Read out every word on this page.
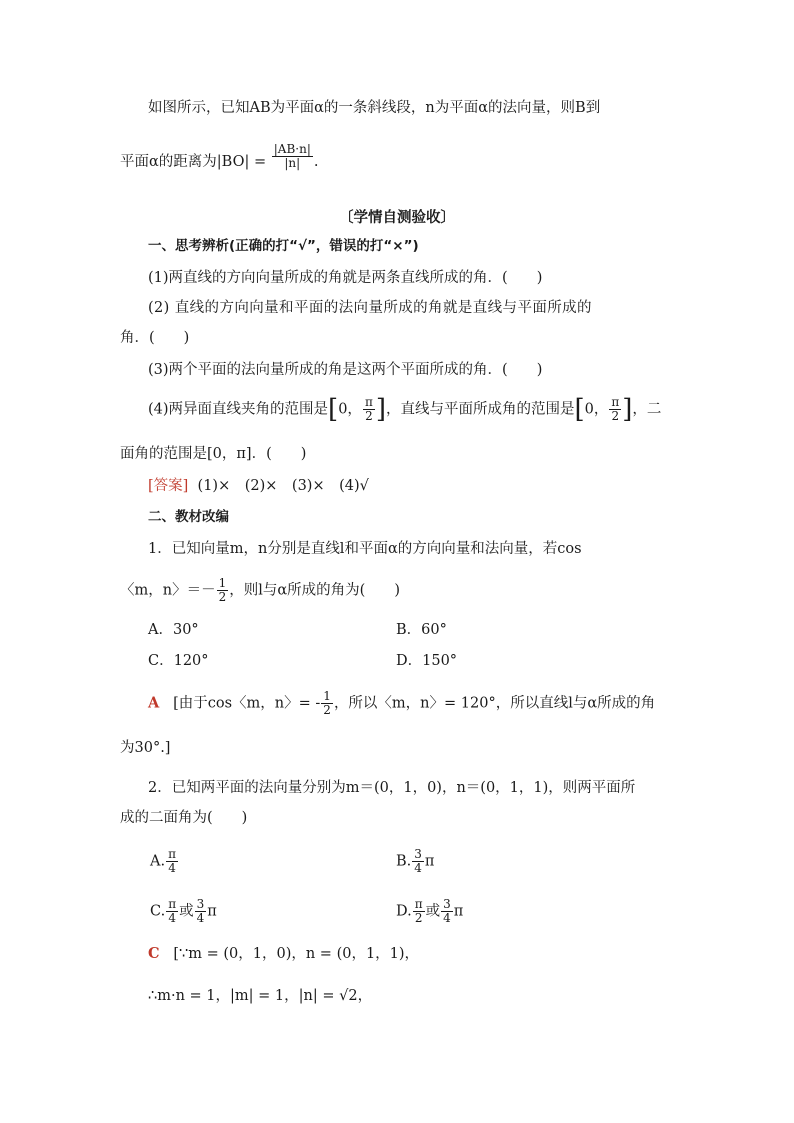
如图所示，已知AB为平面α的一条斜线段，n为平面α的法向量，则B到
平面α的距离为$|BO| = \frac{|AB\cdot n|}{|n|}$ .
〔学情自测验收〕
一、思考辨析(正确的打“√”，错误的打“×”)
(1)两直线的方向向量所成的角就是两条直线所成的角．(　　)
(2) 直线的方向向量和平面的法向量所成的角就是直线与平面所成的
角．(　　)
(3)两个平面的法向量所成的角是这两个平面所成的角．(　　)
(4)两异面直线夹角的范围是[0， $\frac{\pi}{2}$ ]，直线与平面所成角的范围是[0， $\frac{\pi}{2}$ ]，二
面角的范围是[0，π]．(　　)
[答案] (1)×　(2)×　(3)×　(4)√
二、教材改编
1．已知向量m，n分别是直线l和平面α的方向向量和法向量，若cos
〈m，n〉＝－ $\frac{1}{2}$ ，则l与α所成的角为(　　)
A．30°	B．60°
C．120°	D．150°
A [由于cos〈m，n〉= - $\frac{1}{2}$ ，所以〈m，n〉= 120°，所以直线l与α所成的角
为30°.]
2．已知两平面的法向量分别为m＝(0，1，0)，n＝(0，1，1)，则两平面所
成的二面角为(　　)
A. $\frac{\pi}{4}$	B. $\frac{3}{4}$ π
C. $\frac{\pi}{4}$ 或 $\frac{3}{4}$ π	D. $\frac{\pi}{2}$ 或 $\frac{3}{4}$ π
C [∵m = (0，1，0)，n = (0，1，1)，
∴m·n = 1，|m| = 1，|n| = √2，
